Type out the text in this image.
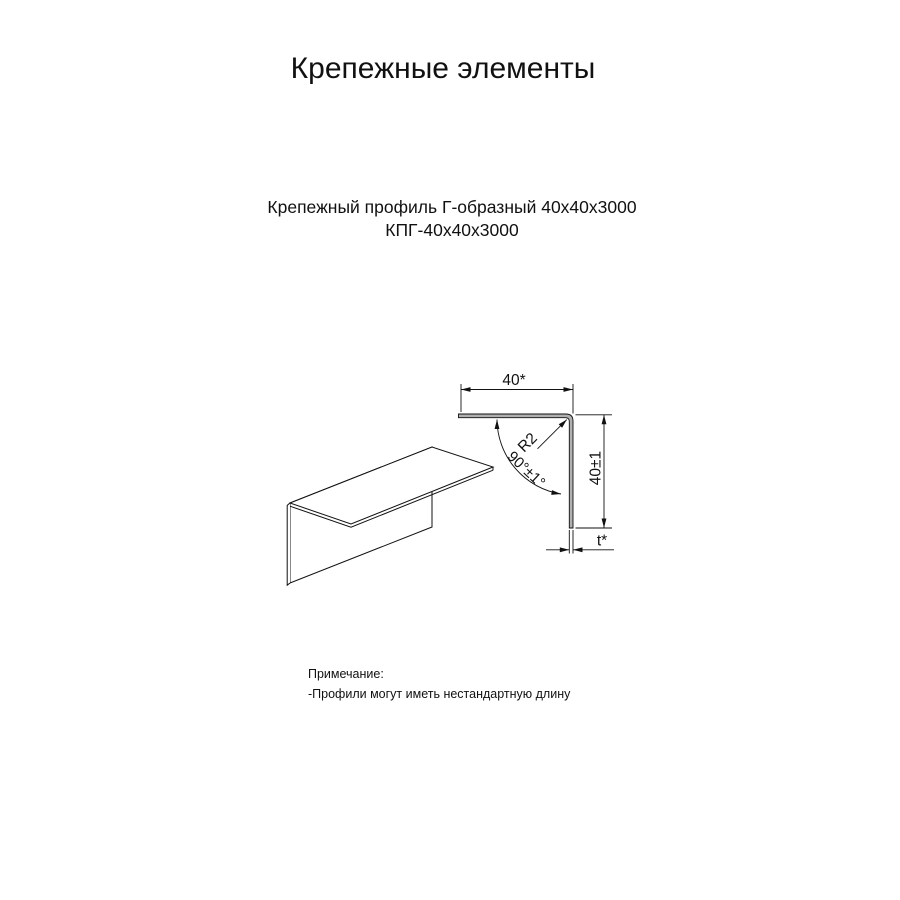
Крепежные элементы
Крепежный профиль Г-образный 40х40х3000
КПГ-40х40х3000
40*
40±1
t*
R2
90°±1°
Примечание:
-Профили могут иметь нестандартную длину
